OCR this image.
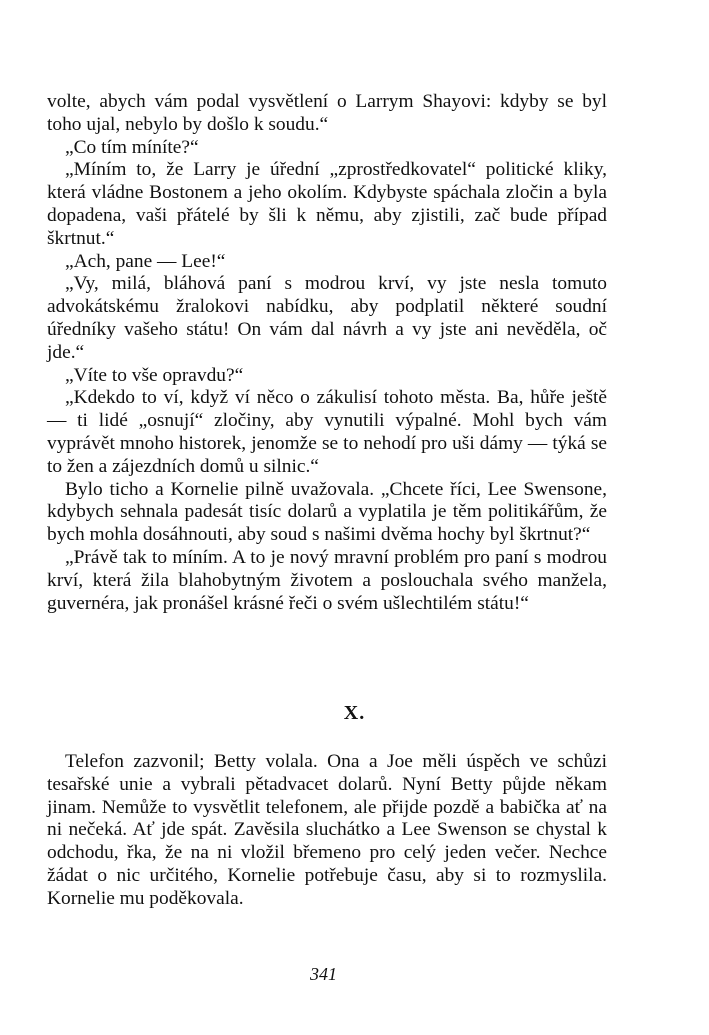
volte, abych vám podal vysvětlení o Larrym Shayovi: kdyby se byl toho ujal, nebylo by došlo k soudu.“

„Co tím míníte?“

„Míním to, že Larry je úřední „zprostředkovatel“ politické kliky, která vládne Bostonem a jeho okolím. Kdybyste spáchala zločin a byla dopadena, vaši přátelé by šli k němu, aby zjistili, zač bude případ škrtnut.“

„Ach, pane — Lee!“

„Vy, milá, bláhová paní s modrou krví, vy jste nesla tomuto advokátskému žralokovi nabídku, aby podplatil některé soudní úředníky vašeho státu! On vám dal návrh a vy jste ani nevěděla, oč jde.“

„Víte to vše opravdu?“

„Kdekdo to ví, když ví něco o zákulisí tohoto města. Ba, hůře ještě — ti lidé „osnují“ zločiny, aby vynutili výpalné. Mohl bych vám vyprávět mnoho historek, jenomže se to nehodí pro uši dámy — týká se to žen a zájezdních domů u silnic.“

Bylo ticho a Kornelie pilně uvažovala. „Chcete říci, Lee Swensone, kdybych sehnala padesát tisíc dolarů a vyplatila je těm politikářům, že bych mohla dosáhnouti, aby soud s našimi dvěma hochy byl škrtnut?“

„Právě tak to míním. A to je nový mravní problém pro paní s modrou krví, která žila blahobytným životem a poslouchala svého manžela, guvernéra, jak pronášel krásné řeči o svém ušlechtilém státu!“

X.

Telefon zazvonil; Betty volala. Ona a Joe měli úspěch ve schůzi tesařské unie a vybrali pětadvacet dolarů. Nyní Betty půjde někam jinam. Nemůže to vysvětlit telefonem, ale přijde pozdě a babička ať na ni nečeká. Ať jde spát. Zavěsila sluchátko a Lee Swenson se chystal k odchodu, řka, že na ni vložil břemeno pro celý jeden večer. Nechce žádat o nic určitého, Kornelie potřebuje času, aby si to rozmyslila. Kornelie mu poděkovala.

341
